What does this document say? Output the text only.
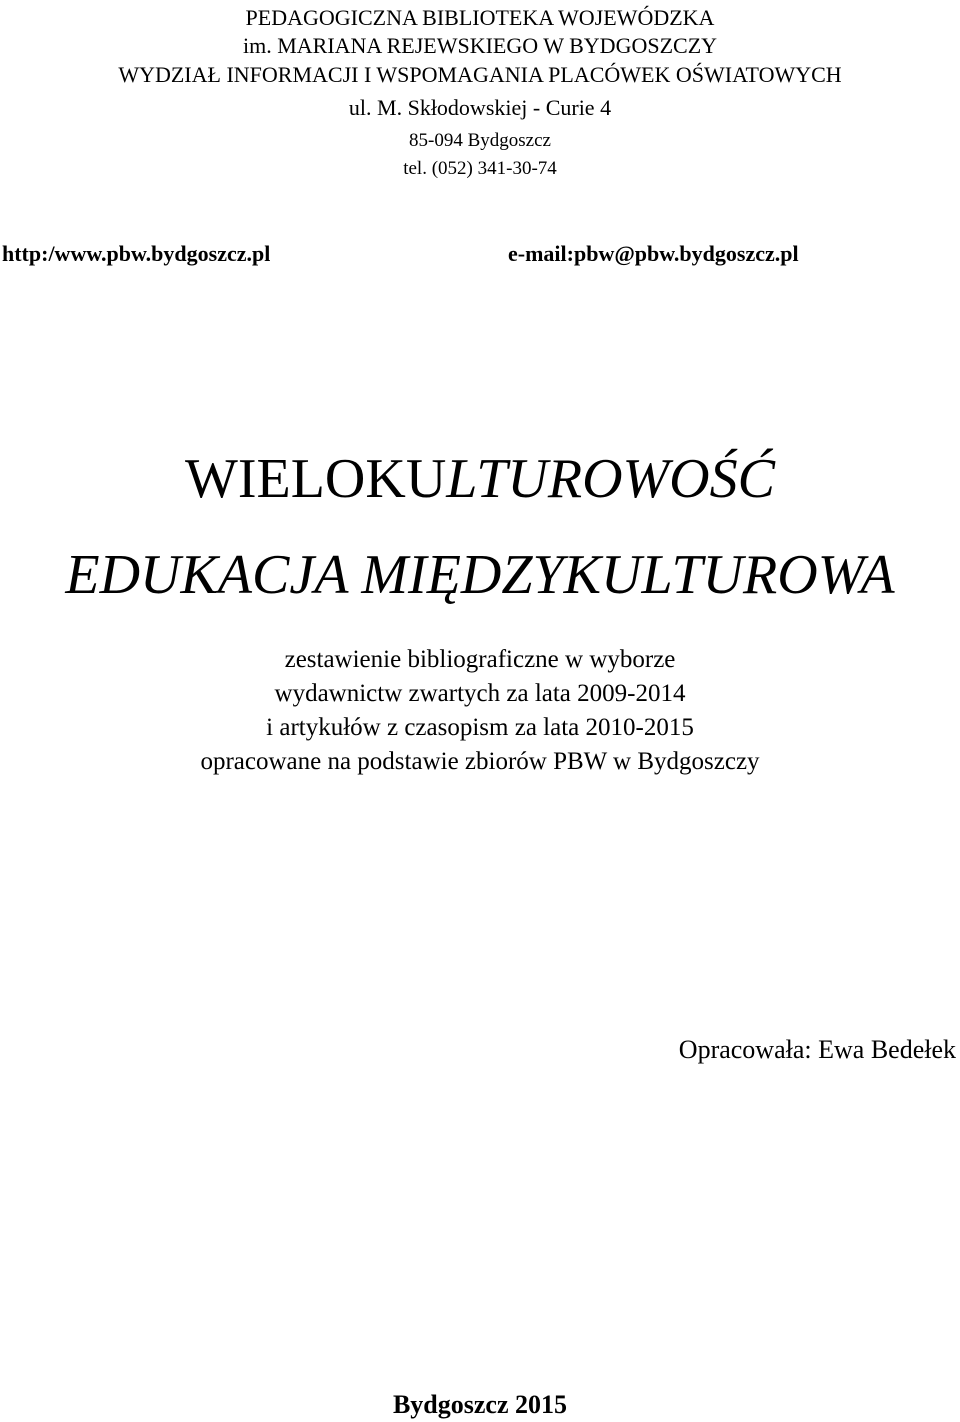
PEDAGOGICZNA BIBLIOTEKA WOJEWÓDZKA
im. MARIANA REJEWSKIEGO W BYDGOSZCZY
WYDZIAŁ INFORMACJI I WSPOMAGANIA PLACÓWEK OŚWIATOWYCH
ul. M. Skłodowskiej - Curie 4
85-094 Bydgoszcz
tel. (052) 341-30-74
http:/www.pbw.bydgoszcz.pl	e-mail:pbw@pbw.bydgoszcz.pl
WIELOKULTUROWOŚĆ
EDUKACJA MIĘDZYKULTUROWA
zestawienie bibliograficzne w wyborze
wydawnictw zwartych za lata 2009-2014
i artykułów z czasopism za lata 2010-2015
opracowane na podstawie zbiorów PBW w Bydgoszczy
Opracowała: Ewa Bedełek
Bydgoszcz 2015
